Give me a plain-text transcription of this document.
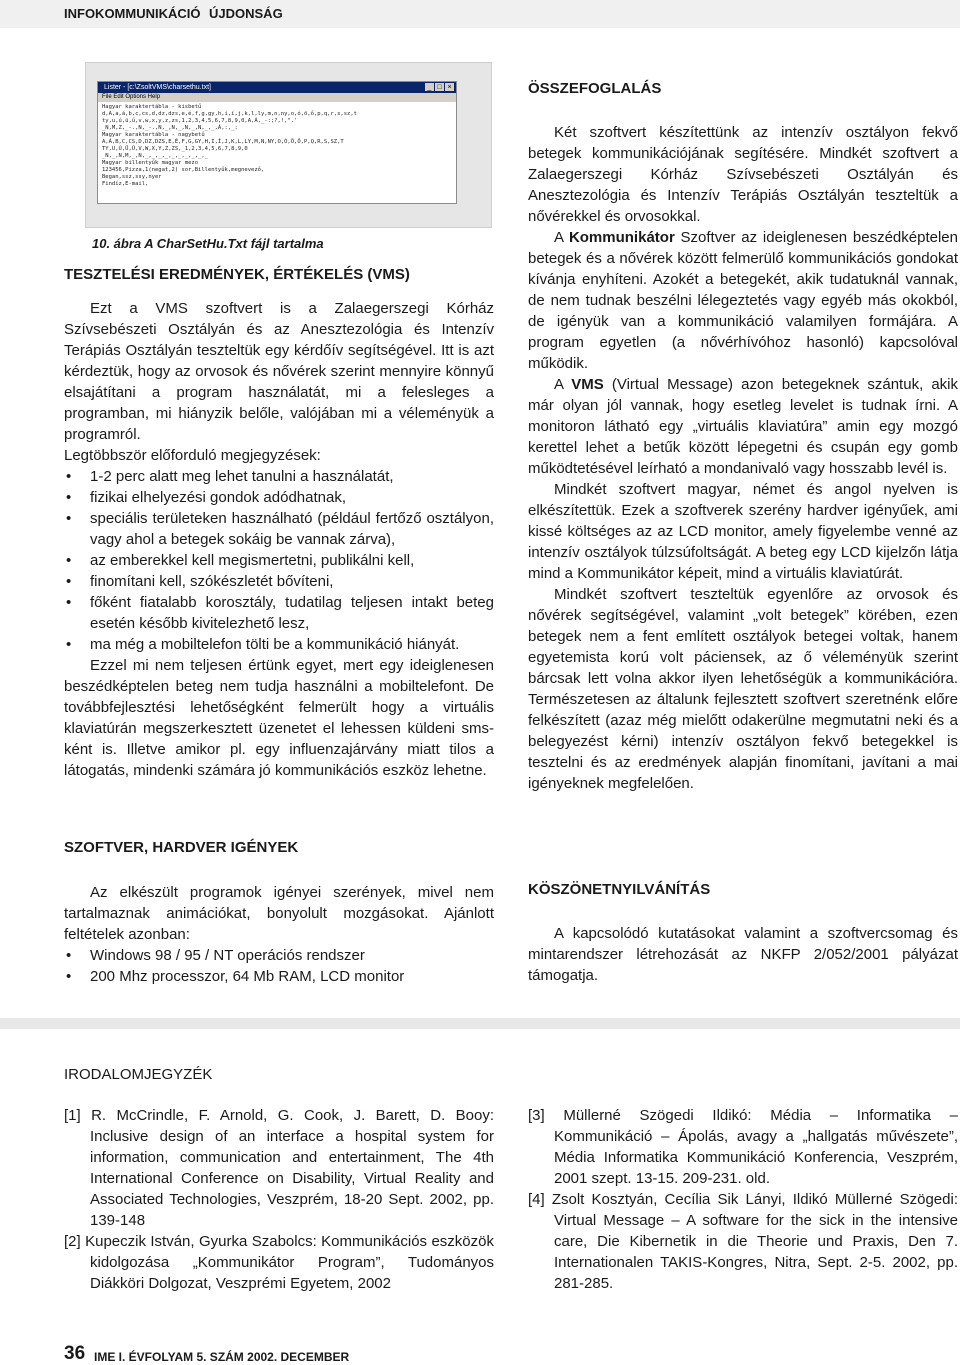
INFOKOMMUNIKÁCIÓ ÚJDONSÁG
Lister - [c:\ZsoltVMS\charsethu.txt]	_ □ ×
File Edit Options Help
Hagyar karaktertábla - kisbetű
d,A,a,á,b,c,cs,d,dz,dzs,e,é,f,g,gy,h,i,í,j,k,l,ly,m,n,ny,o,ó,ö,ő,p,q,r,s,sz,t
ty,u,ú,ü,ű,v,w,x,y,z,zs,1,2,3,4,5,6,7,8,9,0,A,Á,_-:;?,!,".'
_N,M,Z,_-.,N,_-.,N,_,N,_,N,_,N,_,_,Á,:,_:
Magyar karaktertábla - nagybetű
A,Á,B,C,CS,D,DZ,DZS,E,É,F,G,GY,H,I,Í,J,K,L,LY,M,N,NY,O,Ó,Ö,Ő,P,Q,R,S,SZ,T
TY,U,Ú,Ü,Ű,V,W,X,Y,Z,ZS,_1,2,3,4,5,6,7,8,9,0
_N,_,N,M,_,N,_,_,_,_,_,_,_,_,_,_
Magyar billentyűk magyar mezo
123456,Pizza,1(negat,2) sor,Billentyűk,megnevező,
Began,ssz,ssy,nyer
Findíz,E-mail,
10. ábra A CharSetHu.Txt fájl tartalma
TESZTELÉSI EREDMÉNYEK, ÉRTÉKELÉS (VMS)

Ezt a VMS szoftvert is a Zalaegerszegi Kórház Szívsebészeti Osztályán és az Anesztezológia és Intenzív Terápiás Osztályán teszteltük egy kérdőív segítségével. Itt is azt kérdeztük, hogy az orvosok és nővérek szerint mennyire könnyű elsajátítani a program használatát, mi a felesleges a programban, mi hiányzik belőle, valójában mi a véleményük a programról.

Legtöbbször előforduló megjegyzések:

• 1-2 perc alatt meg lehet tanulni a használatát,
• fizikai elhelyezési gondok adódhatnak,
• speciális területeken használható (például fertőző osztályon, vagy ahol a betegek sokáig be vannak zárva),
• az emberekkel kell megismertetni, publikálni kell,
• finomítani kell, szókészletét bővíteni,
• főként fiatalabb korosztály, tudatilag teljesen intakt beteg esetén később kivitelezhető lesz,
• ma még a mobiltelefon tölti be a kommunikáció hiányát.

Ezzel mi nem teljesen értünk egyet, mert egy ideiglenesen beszédképtelen beteg nem tudja használni a mobiltelefont. De továbbfejlesztési lehetőségként felmerült hogy a virtuális klaviatúrán megszerkesztett üzenetet el lehessen küldeni sms-ként is. Illetve amikor pl. egy influenzajárvány miatt tilos a látogatás, mindenki számára jó kommunikációs eszköz lehetne.

SZOFTVER, HARDVER IGÉNYEK

Az elkészült programok igényei szerények, mivel nem tartalmaznak animációkat, bonyolult mozgásokat. Ajánlott feltételek azonban:

• Windows 98 / 95 / NT operációs rendszer
• 200 Mhz processzor, 64 Mb RAM, LCD monitor
ÖSSZEFOGLALÁS

Két szoftvert készítettünk az intenzív osztályon fekvő betegek kommunikációjának segítésére. Mindkét szoftvert a Zalaegerszegi Kórház Szívsebészeti Osztályán és Anesztezológia és Intenzív Terápiás Osztályán teszteltük a nővérekkel és orvosokkal.

A Kommunikátor Szoftver az ideiglenesen beszédképtelen betegek és a nővérek között felmerülő kommunikációs gondokat kívánja enyhíteni. Azokét a betegekét, akik tudatuknál vannak, de nem tudnak beszélni lélegeztetés vagy egyéb más okokból, de igényük van a kommunikáció valamilyen formájára. A program egyetlen (a nővérhívóhoz hasonló) kapcsolóval működik.

A VMS (Virtual Message) azon betegeknek szántuk, akik már olyan jól vannak, hogy esetleg levelet is tudnak írni. A monitoron látható egy „virtuális klaviatúra” amin egy mozgó kerettel lehet a betűk között lépegetni és csupán egy gomb működtetésével leírható a mondanivaló vagy hosszabb levél is.

Mindkét szoftvert magyar, német és angol nyelven is elkészítettük. Ezek a szoftverek szerény hardver igényűek, ami kissé költséges az az LCD monitor, amely figyelembe venné az intenzív osztályok túlzsúfoltságát. A beteg egy LCD kijelzőn látja mind a Kommunikátor képeit, mind a virtuális klaviatúrát.

Mindkét szoftvert teszteltük egyenlőre az orvosok és nővérek segítségével, valamint „volt betegek” körében, ezen betegek nem a fent említett osztályok betegei voltak, hanem egyetemista korú volt páciensek, az ő véleményük szerint bárcsak lett volna akkor ilyen lehetőségük a kommunikációra. Természetesen az általunk fejlesztett szoftvert szeretnénk előre felkészített (azaz még mielőtt odakerülne megmutatni neki és a belegyezést kérni) intenzív osztályon fekvő betegekkel is tesztelni és az eredmények alapján finomítani, javítani a mai igényeknek megfelelően.

KÖSZÖNETNYILVÁNÍTÁS

A kapcsolódó kutatásokat valamint a szoftvercsomag és mintarendszer létrehozását az NKFP 2/052/2001 pályázat támogatja.

IRODALOMJEGYZÉK

[1] R. McCrindle, F. Arnold, G. Cook, J. Barett, D. Booy: Inclusive design of an interface a hospital system for information, communication and entertainment, The 4th International Conference on Disability, Virtual Reality and Associated Technologies, Veszprém, 18-20 Sept. 2002, pp. 139-148

[2] Kupeczik István, Gyurka Szabolcs: Kommunikációs eszközök kidolgozása „Kommunikátor Program”, Tudományos Diákköri Dolgozat, Veszprémi Egyetem, 2002

[3] Müllerné Szögedi Ildikó: Média – Informatika – Kommunikáció – Ápolás, avagy a „hallgatás művészete”, Média Informatika Kommunikáció Konferencia, Veszprém, 2001 szept. 13-15. 209-231. old.

[4] Zsolt Kosztyán, Cecília Sik Lányi, Ildikó Müllerné Szögedi: Virtual Message – A software for the sick in the intensive care, Die Kibernetik in die Theorie und Praxis, Den 7. Internationalen TAKIS-Kongres, Nitra, Sept. 2-5. 2002, pp. 281-285.

36 IME I. ÉVFOLYAM 5. SZÁM 2002. DECEMBER
